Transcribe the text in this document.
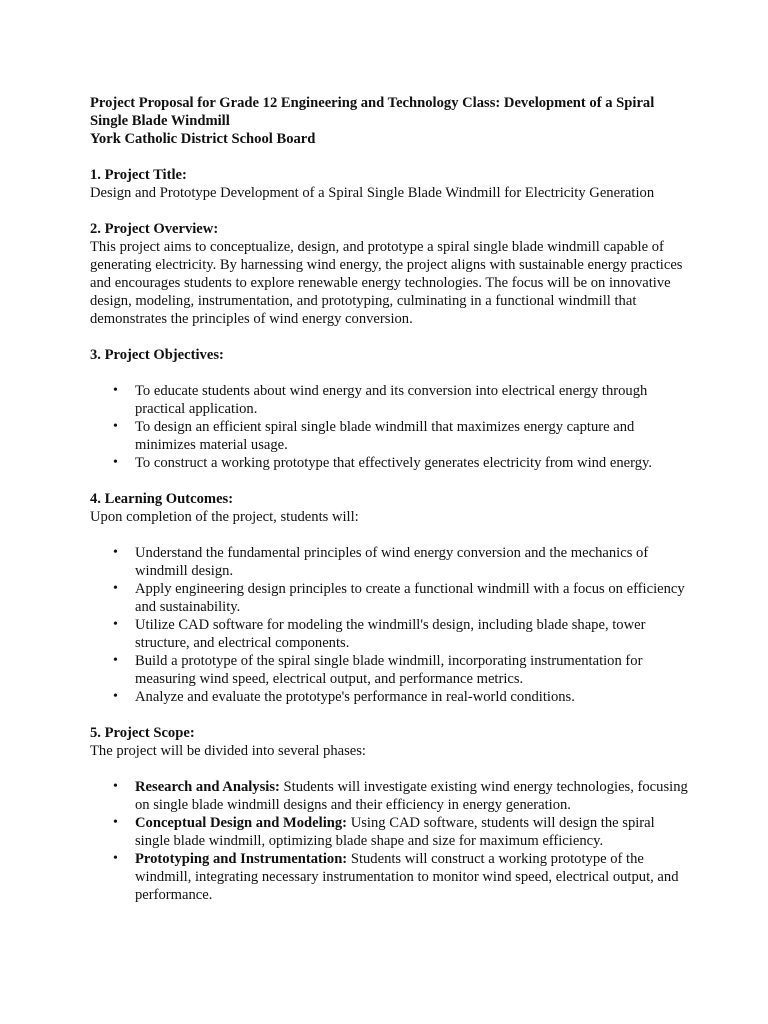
Project Proposal for Grade 12 Engineering and Technology Class: Development of a Spiral Single Blade Windmill
York Catholic District School Board
1. Project Title:

Design and Prototype Development of a Spiral Single Blade Windmill for Electricity Generation

2. Project Overview:

This project aims to conceptualize, design, and prototype a spiral single blade windmill capable of generating electricity. By harnessing wind energy, the project aligns with sustainable energy practices and encourages students to explore renewable energy technologies. The focus will be on innovative design, modeling, instrumentation, and prototyping, culminating in a functional windmill that demonstrates the principles of wind energy conversion.

3. Project Objectives:
• To educate students about wind energy and its conversion into electrical energy through practical application.
• To design an efficient spiral single blade windmill that maximizes energy capture and minimizes material usage.
• To construct a working prototype that effectively generates electricity from wind energy.
4. Learning Outcomes:

Upon completion of the project, students will:

• Understand the fundamental principles of wind energy conversion and the mechanics of windmill design.
• Apply engineering design principles to create a functional windmill with a focus on efficiency and sustainability.
• Utilize CAD software for modeling the windmill's design, including blade shape, tower structure, and electrical components.
• Build a prototype of the spiral single blade windmill, incorporating instrumentation for measuring wind speed, electrical output, and performance metrics.
• Analyze and evaluate the prototype's performance in real-world conditions.
5. Project Scope:

The project will be divided into several phases:

• Research and Analysis: Students will investigate existing wind energy technologies, focusing on single blade windmill designs and their efficiency in energy generation.
• Conceptual Design and Modeling: Using CAD software, students will design the spiral single blade windmill, optimizing blade shape and size for maximum efficiency.
• Prototyping and Instrumentation: Students will construct a working prototype of the windmill, integrating necessary instrumentation to monitor wind speed, electrical output, and performance.
